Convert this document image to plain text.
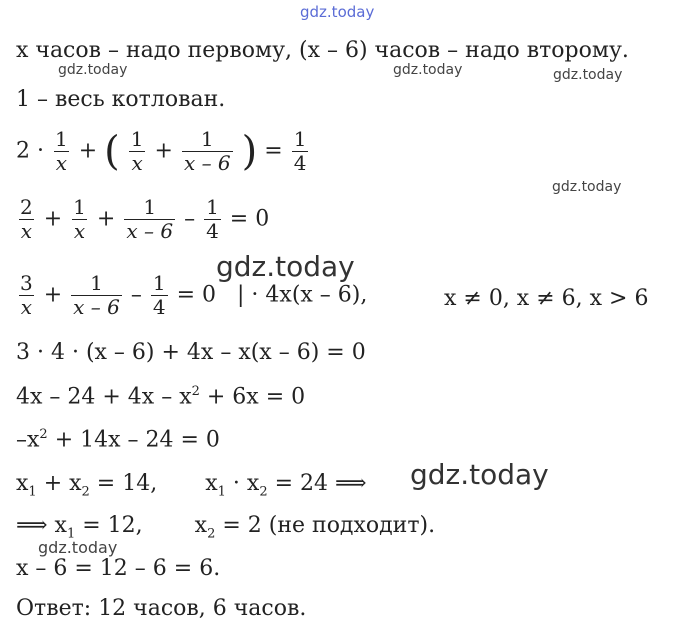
gdz.today
gdz.today	gdz.today	gdz.today
gdz.today
gdz.today
gdz.today
gdz.today
x часов – надо первому, (x – 6) часов – надо второму.
1 – весь котлован.
$2 \cdot \frac{1}{x}$ + ( $\frac{1}{x} + \frac{1}{x - 6}$ ) = $\frac{1}{4}$
$\frac{2}{x} + \frac{1}{x} + \frac{1}{x - 6} - \frac{1}{4} = 0$
$\frac{3}{x} + \frac{1}{x - 6} - \frac{1}{4} = 0$   | · 4x(x – 6),	x ≠ 0, x ≠ 6, x > 6
3 · 4 · (x – 6) + 4x – x(x – 6) = 0
$4x - 24 + 4x - x^2 + 6x = 0$
$-x^2 + 14x - 24 = 0$
$x_1 + x_2 = 14$, $x_1 \cdot x_2 = 24$ ⟹
⟹ $x_1 = 12$, $x_2 = 2$ (не подходит).
x – 6 = 12 – 6 = 6.
Ответ: 12 часов, 6 часов.
